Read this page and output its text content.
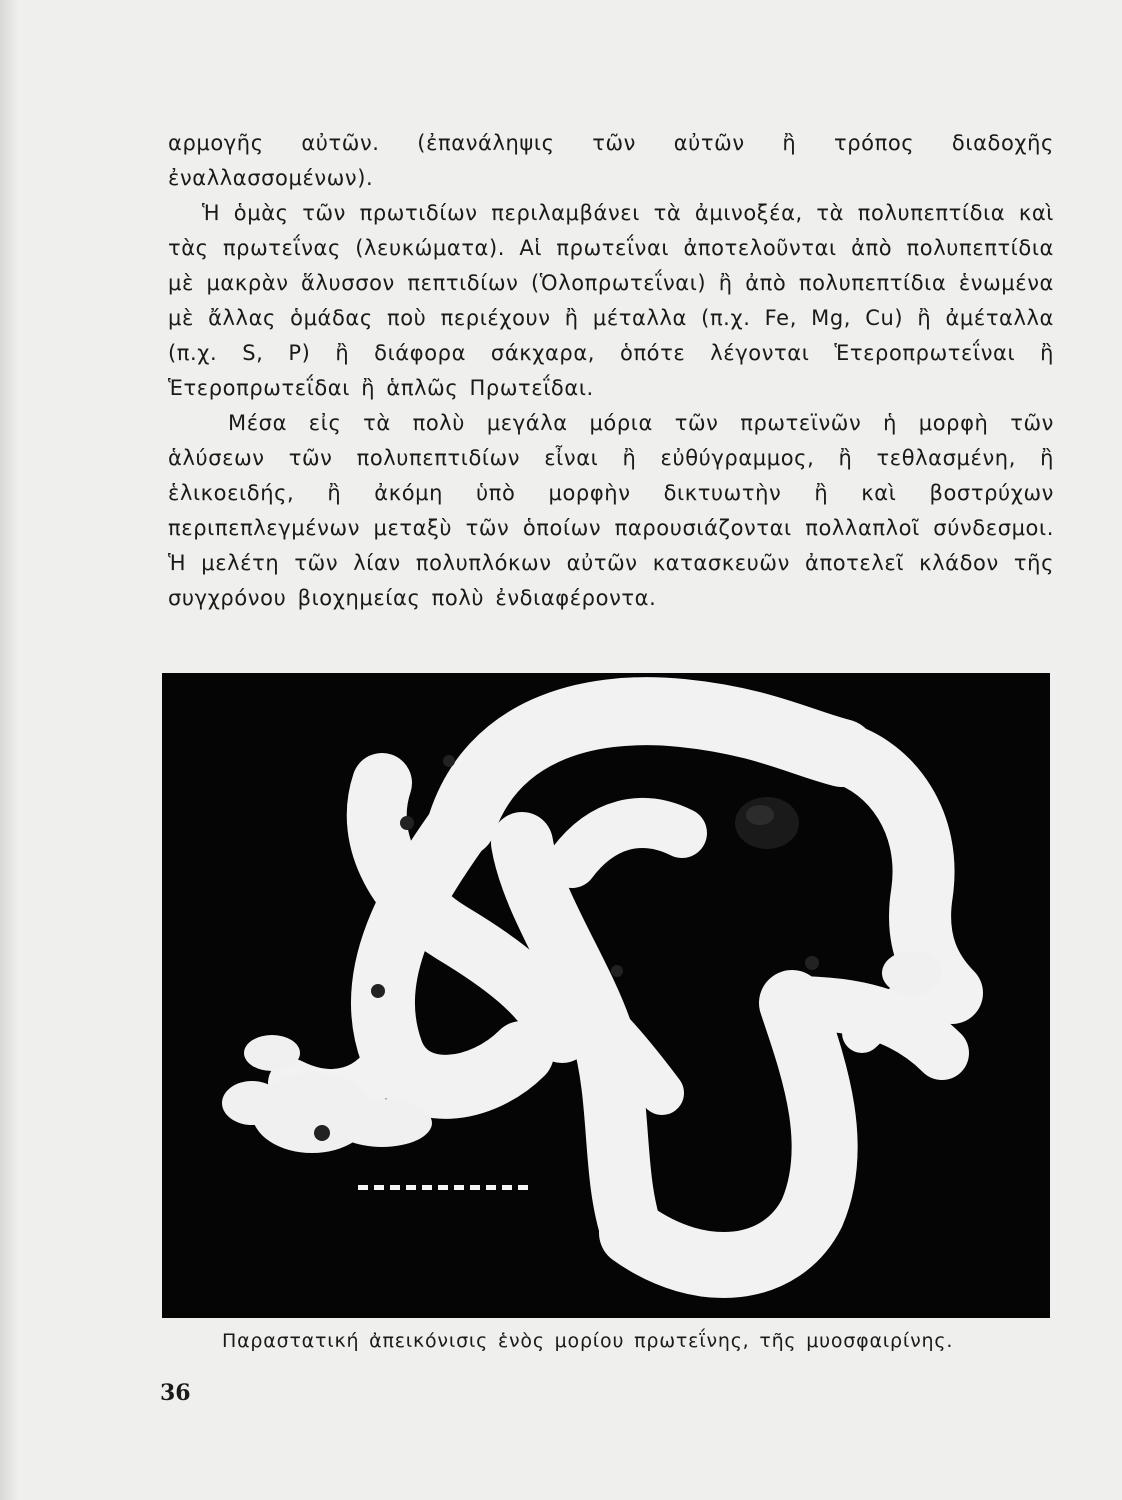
αρμογῆς αὐτῶν. (ἐπανάληψις τῶν αὐτῶν ἢ τρόπος διαδοχῆς ἐναλλασσομένων).

Ἡ ὁμὰς τῶν πρωτιδίων περιλαμβάνει τὰ ἀμινοξέα, τὰ πολυπεπτίδια καὶ τὰς πρωτεΐνας (λευκώματα). Αἱ πρωτεΐναι ἀποτελοῦνται ἀπὸ πολυπεπτίδια μὲ μακρὰν ἅλυσσον πεπτιδίων (Ὁλοπρωτεΐναι) ἢ ἀπὸ πολυπεπτίδια ἑνωμένα μὲ ἄλλας ὁμάδας ποὺ περιέχουν ἢ μέταλλα (π.χ. Fe, Mg, Cu) ἢ ἀμέταλλα (π.χ. S, P) ἢ διάφορα σάκχαρα, ὁπότε λέγονται Ἑτεροπρωτεΐναι ἢ Ἑτεροπρωτεΐδαι ἢ ἁπλῶς Πρωτεΐδαι.

Μέσα εἰς τὰ πολὺ μεγάλα μόρια τῶν πρωτεϊνῶν ἡ μορφὴ τῶν ἁλύσεων τῶν πολυπεπτιδίων εἶναι ἢ εὐθύγραμμος, ἢ τεθλασμένη, ἢ ἑλικοειδής, ἢ ἀκόμη ὑπὸ μορφὴν δικτυωτὴν ἢ καὶ βοστρύχων περιπεπλεγμένων μεταξὺ τῶν ὁποίων παρουσιάζονται πολλαπλοῖ σύνδεσμοι. Ἡ μελέτη τῶν λίαν πολυπλόκων αὐτῶν κατασκευῶν ἀποτελεῖ κλάδον τῆς συγχρόνου βιοχημείας πολὺ ἐνδιαφέροντα.

Παραστατική ἀπεικόνισις ἑνὸς μορίου πρωτεΐνης, τῆς μυοσφαιρίνης.
36
